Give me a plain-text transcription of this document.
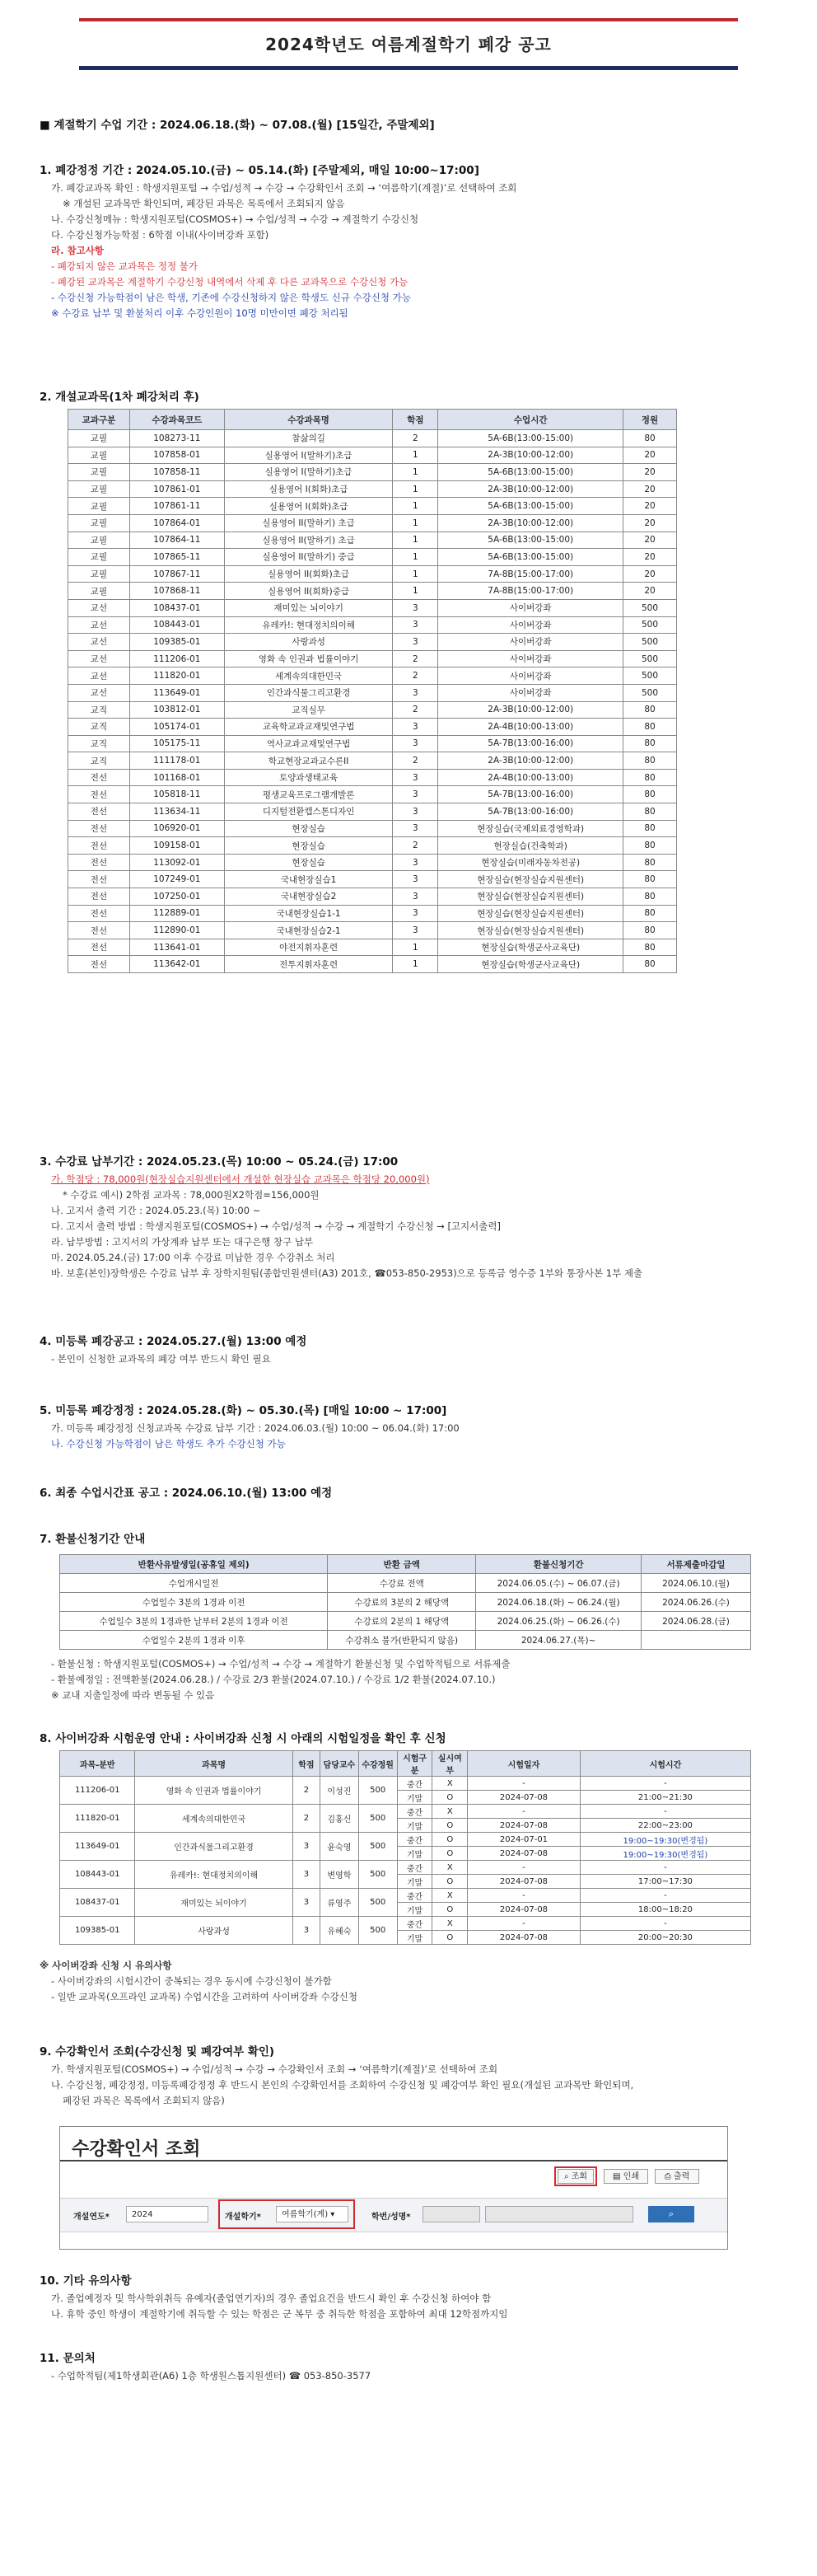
2024학년도 여름계절학기 폐강 공고
■ 계절학기 수업 기간 : 2024.06.18.(화) ~ 07.08.(월) [15일간, 주말제외]
1. 폐강정정 기간 : 2024.05.10.(금) ~ 05.14.(화) [주말제외, 매일 10:00~17:00]
가. 폐강교과목 확인 : 학생지원포털 → 수업/성적 → 수강 → 수강확인서 조회 → ‘여름학기(계절)’로 선택하여 조회
※ 개설된 교과목만 확인되며, 폐강된 과목은 목록에서 조회되지 않음
나. 수강신청메뉴 : 학생지원포털(COSMOS+) → 수업/성적 → 수강 → 계절학기 수강신청
다. 수강신청가능학점 : 6학점 이내(사이버강좌 포함)
라. 참고사항
- 폐강되지 않은 교과목은 정정 불가
- 폐강된 교과목은 계절학기 수강신청 내역에서 삭제 후 다른 교과목으로 수강신청 가능
- 수강신청 가능학점이 남은 학생, 기존에 수강신청하지 않은 학생도 신규 수강신청 가능
※ 수강료 납부 및 환불처리 이후 수강인원이 10명 미만이면 폐강 처리됨
2. 개설교과목(1차 폐강처리 후)
교과구분	수강과목코드	수강과목명	학점	수업시간	정원
교필	108273-11	참삶의길	2	5A-6B(13:00-15:00)	80
교필	107858-01	실용영어 I(말하기)초급	1	2A-3B(10:00-12:00)	20
교필	107858-11	실용영어 I(말하기)초급	1	5A-6B(13:00-15:00)	20
교필	107861-01	실용영어 I(회화)초급	1	2A-3B(10:00-12:00)	20
교필	107861-11	실용영어 I(회화)초급	1	5A-6B(13:00-15:00)	20
교필	107864-01	실용영어 II(말하기) 초급	1	2A-3B(10:00-12:00)	20
교필	107864-11	실용영어 II(말하기) 초급	1	5A-6B(13:00-15:00)	20
교필	107865-11	실용영어 II(말하기) 중급	1	5A-6B(13:00-15:00)	20
교필	107867-11	실용영어 II(회화)초급	1	7A-8B(15:00-17:00)	20
교필	107868-11	실용영어 II(회화)중급	1	7A-8B(15:00-17:00)	20
교선	108437-01	재미있는 뇌이야기	3	사이버강좌	500
교선	108443-01	유레카!: 현대정치의이해	3	사이버강좌	500
교선	109385-01	사랑과성	3	사이버강좌	500
교선	111206-01	영화 속 인권과 법률이야기	2	사이버강좌	500
교선	111820-01	세계속의대한민국	2	사이버강좌	500
교선	113649-01	인간과식물그리고환경	3	사이버강좌	500
교직	103812-01	교직실무	2	2A-3B(10:00-12:00)	80
교직	105174-01	교육학교과교재및연구법	3	2A-4B(10:00-13:00)	80
교직	105175-11	역사교과교재및연구법	3	5A-7B(13:00-16:00)	80
교직	111178-01	학교현장교과교수론II	2	2A-3B(10:00-12:00)	80
전선	101168-01	토양과생태교육	3	2A-4B(10:00-13:00)	80
전선	105818-11	평생교육프로그램개발론	3	5A-7B(13:00-16:00)	80
전선	113634-11	디지털전환캡스톤디자인	3	5A-7B(13:00-16:00)	80
전선	106920-01	현장실습	3	현장실습(국제외료경영학과)	80
전선	109158-01	현장실습	2	현장실습(건축학과)	80
전선	113092-01	현장실습	3	현장실습(미래자동차전공)	80
전선	107249-01	국내현장실습1	3	현장실습(현장실습지원센터)	80
전선	107250-01	국내현장실습2	3	현장실습(현장실습지원센터)	80
전선	112889-01	국내현장실습1-1	3	현장실습(현장실습지원센터)	80
전선	112890-01	국내현장실습2-1	3	현장실습(현장실습지원센터)	80
전선	113641-01	야전지휘자훈련	1	현장실습(학생군사교육단)	80
전선	113642-01	전투지휘자훈련	1	현장실습(학생군사교육단)	80
3. 수강료 납부기간 : 2024.05.23.(목) 10:00 ~ 05.24.(금) 17:00
가. 학점당 : 78,000원(현장실습지원센터에서 개설한 현장실습 교과목은 학점당 20,000원)
* 수강료 예시) 2학점 교과목 : 78,000원X2학점=156,000원
나. 고지서 출력 기간 : 2024.05.23.(목) 10:00 ~
다. 고지서 출력 방법 : 학생지원포털(COSMOS+) → 수업/성적 → 수강 → 계절학기 수강신청 → [고지서출력]
라. 납부방법 : 고지서의 가상계좌 납부 또는 대구은행 창구 납부
마. 2024.05.24.(금) 17:00 이후 수강료 미납한 경우 수강취소 처리
바. 보훈(본인)장학생은 수강료 납부 후 장학지원팀(종합민원센터(A3) 201호, ☎053-850-2953)으로 등록금 영수증 1부와 통장사본 1부 제출
4. 미등록 폐강공고 : 2024.05.27.(월) 13:00 예정
- 본인이 신청한 교과목의 폐강 여부 반드시 확인 필요
5. 미등록 폐강정정 : 2024.05.28.(화) ~ 05.30.(목) [매일 10:00 ~ 17:00]
가. 미등록 폐강정정 신청교과목 수강료 납부 기간 : 2024.06.03.(월) 10:00 ~ 06.04.(화) 17:00
나. 수강신청 가능학점이 남은 학생도 추가 수강신청 가능
6. 최종 수업시간표 공고 : 2024.06.10.(월) 13:00 예정
7. 환불신청기간 안내
반환사유발생일(공휴일 제외)	반환 금액	환불신청기간	서류제출마감일
수업개시일전	수강료 전액	2024.06.05.(수) ~ 06.07.(금)	2024.06.10.(월)
수업일수 3분의 1경과 이전	수강료의 3분의 2 해당액	2024.06.18.(화) ~ 06.24.(월)	2024.06.26.(수)
수업일수 3분의 1경과한 날부터 2분의 1경과 이전	수강료의 2분의 1 해당액	2024.06.25.(화) ~ 06.26.(수)	2024.06.28.(금)
수업일수 2분의 1경과 이후	수강취소 불가(반환되지 않음)	2024.06.27.(목)~	
- 환불신청 : 학생지원포털(COSMOS+) → 수업/성적 → 수강 → 계절학기 환불신청 및 수업학적팀으로 서류제출
- 환불예정일 : 전액환불(2024.06.28.) / 수강료 2/3 환불(2024.07.10.) / 수강료 1/2 환불(2024.07.10.)
※ 교내 지출일정에 따라 변동될 수 있음
8. 사이버강좌 시험운영 안내 : 사이버강좌 신청 시 아래의 시험일정을 확인 후 신청
과목-분반	과목명	학점	담당교수	수강정원	시험구분	실시여부	시험일자	시험시간
111206-01	영화 속 인권과 법률이야기	2	이성진	500	중간	X	-	-
					기말	O	2024-07-08	21:00~21:30
111820-01	세계속의대한민국	2	김홍신	500	중간	X	-	-
					기말	O	2024-07-08	22:00~23:00
113649-01	인간과식물그리고환경	3	윤숙영	500	중간	O	2024-07-01	19:00~19:30(변경됨)
					기말	O	2024-07-08	19:00~19:30(변경됨)
108443-01	유레카!: 현대정치의이해	3	변영학	500	중간	X	-	-
					기말	O	2024-07-08	17:00~17:30
108437-01	재미있는 뇌이야기	3	류영주	500	중간	X	-	-
					기말	O	2024-07-08	18:00~18:20
109385-01	사랑과성	3	유혜숙	500	중간	X	-	-
					기말	O	2024-07-08	20:00~20:30
※ 사이버강좌 신청 시 유의사항
- 사이버강좌의 시험시간이 중복되는 경우 동시에 수강신청이 불가함
- 일반 교과목(오프라인 교과목) 수업시간을 고려하여 사이버강좌 수강신청
9. 수강확인서 조회(수강신청 및 폐강여부 확인)
가. 학생지원포털(COSMOS+) → 수업/성적 → 수강 → 수강확인서 조회 → ‘여름학기(계절)’로 선택하여 조회
나. 수강신청, 폐강정정, 미등록폐강정정 후 반드시 본인의 수강확인서를 조회하여 수강신청 및 폐강여부 확인 필요(개설된 교과목만 확인되며,
폐강된 과목은 목록에서 조회되지 않음)
수강확인서 조회
⌕ 조회	▤ 인쇄	⎙ 출력
개설연도*	2024	개설학기*	여름학기(계) ▾	학번/성명*	⌕
10. 기타 유의사항
가. 졸업예정자 및 학사학위취득 유예자(졸업연기자)의 경우 졸업요건을 반드시 확인 후 수강신청 하여야 함
나. 휴학 중인 학생이 계절학기에 취득할 수 있는 학점은 군 복무 중 취득한 학점을 포함하여 최대 12학점까지임
11. 문의처
- 수업학적팀(제1학생회관(A6) 1층 학생원스톱지원센터) ☎ 053-850-3577
